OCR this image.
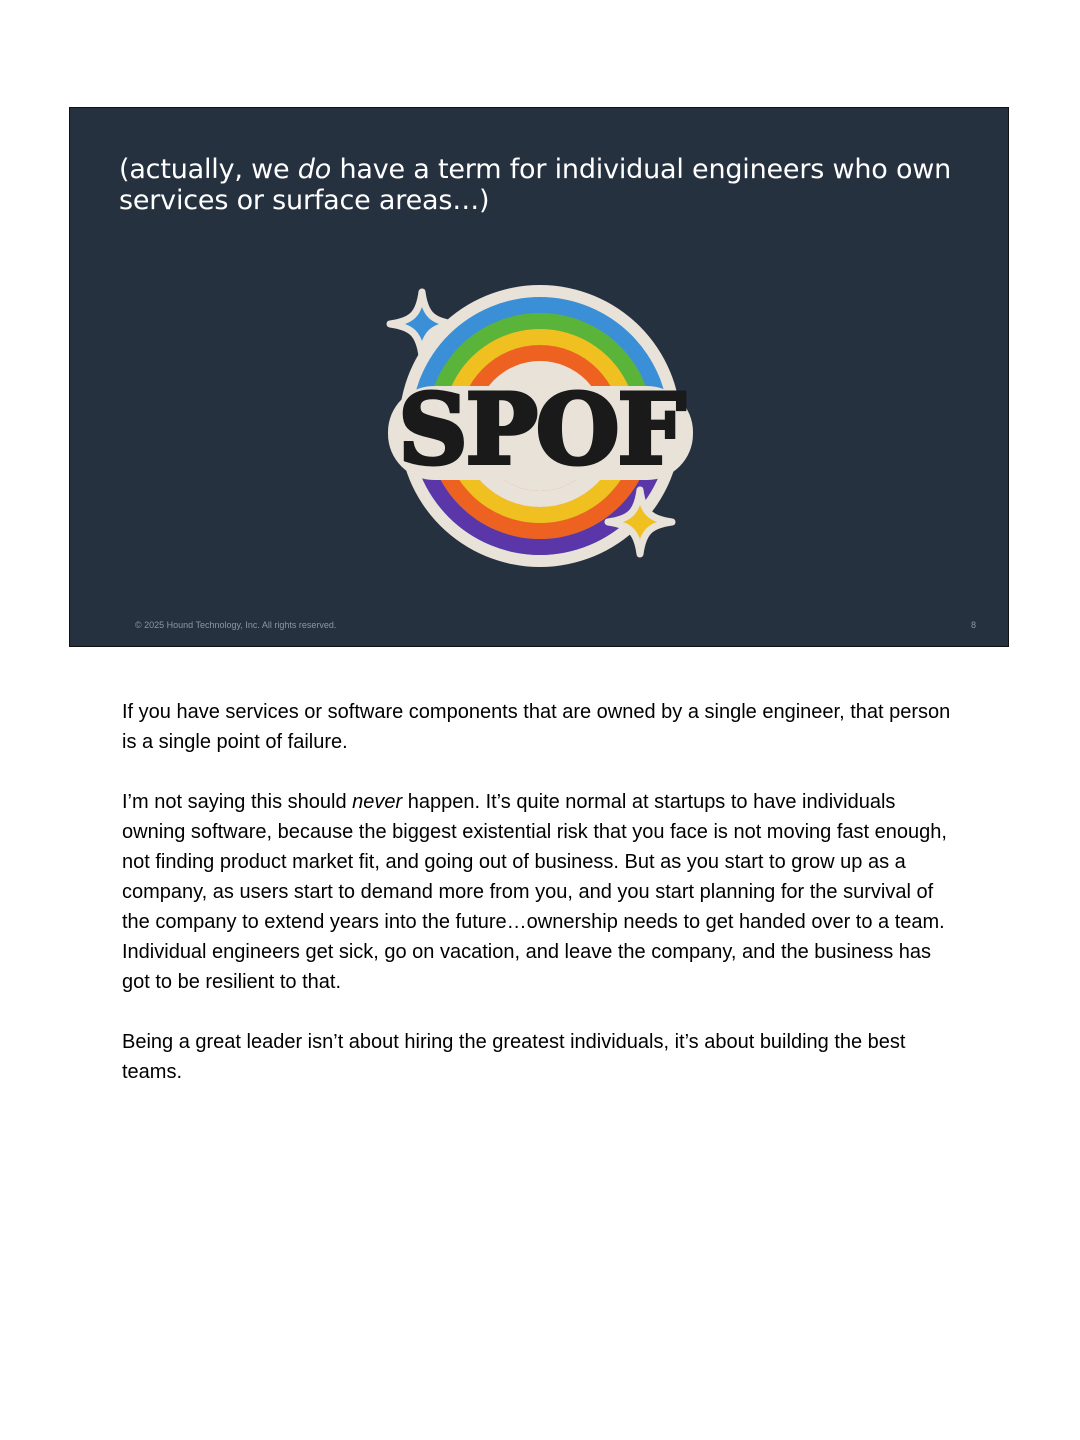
(actually, we do have a term for individual engineers who own services or surface areas…)
SPOF
© 2025 Hound Technology, Inc. All rights reserved.	8

If you have services or software components that are owned by a single engineer, that person is a single point of failure.

I’m not saying this should never happen. It’s quite normal at startups to have individuals owning software, because the biggest existential risk that you face is not moving fast enough, not finding product market fit, and going out of business. But as you start to grow up as a company, as users start to demand more from you, and you start planning for the survival of the company to extend years into the future…ownership needs to get handed over to a team. Individual engineers get sick, go on vacation, and leave the company, and the business has got to be resilient to that.

Being a great leader isn’t about hiring the greatest individuals, it’s about building the best teams.
